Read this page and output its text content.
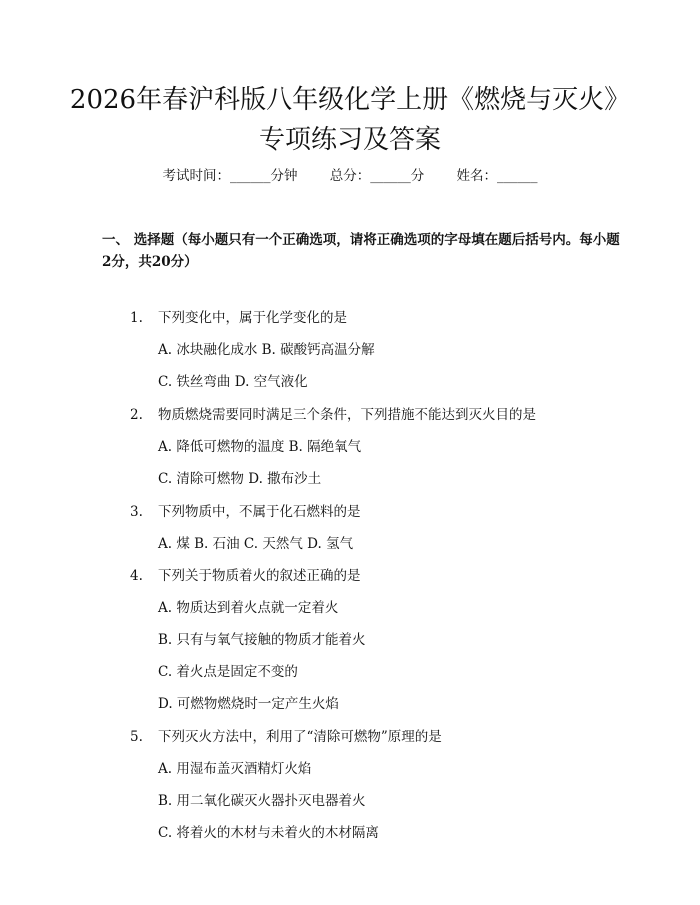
2026年春沪科版八年级化学上册《燃烧与灭火》专项练习及答案
考试时间：______分钟 总分：______分 姓名：______

一、 选择题（每小题只有一个正确选项，请将正确选项的字母填在题后括号内。每小题2分，共20分）

1. 下列变化中，属于化学变化的是
A. 冰块融化成水 B. 碳酸钙高温分解
C. 铁丝弯曲 D. 空气液化
2. 物质燃烧需要同时满足三个条件，下列措施不能达到灭火目的是
A. 降低可燃物的温度 B. 隔绝氧气
C. 清除可燃物 D. 撒布沙土
3. 下列物质中，不属于化石燃料的是
A. 煤 B. 石油 C. 天然气 D. 氢气
4. 下列关于物质着火的叙述正确的是
A. 物质达到着火点就一定着火
B. 只有与氧气接触的物质才能着火
C. 着火点是固定不变的
D. 可燃物燃烧时一定产生火焰
5. 下列灭火方法中，利用了“清除可燃物”原理的是
A. 用湿布盖灭酒精灯火焰
B. 用二氧化碳灭火器扑灭电器着火
C. 将着火的木材与未着火的木材隔离
